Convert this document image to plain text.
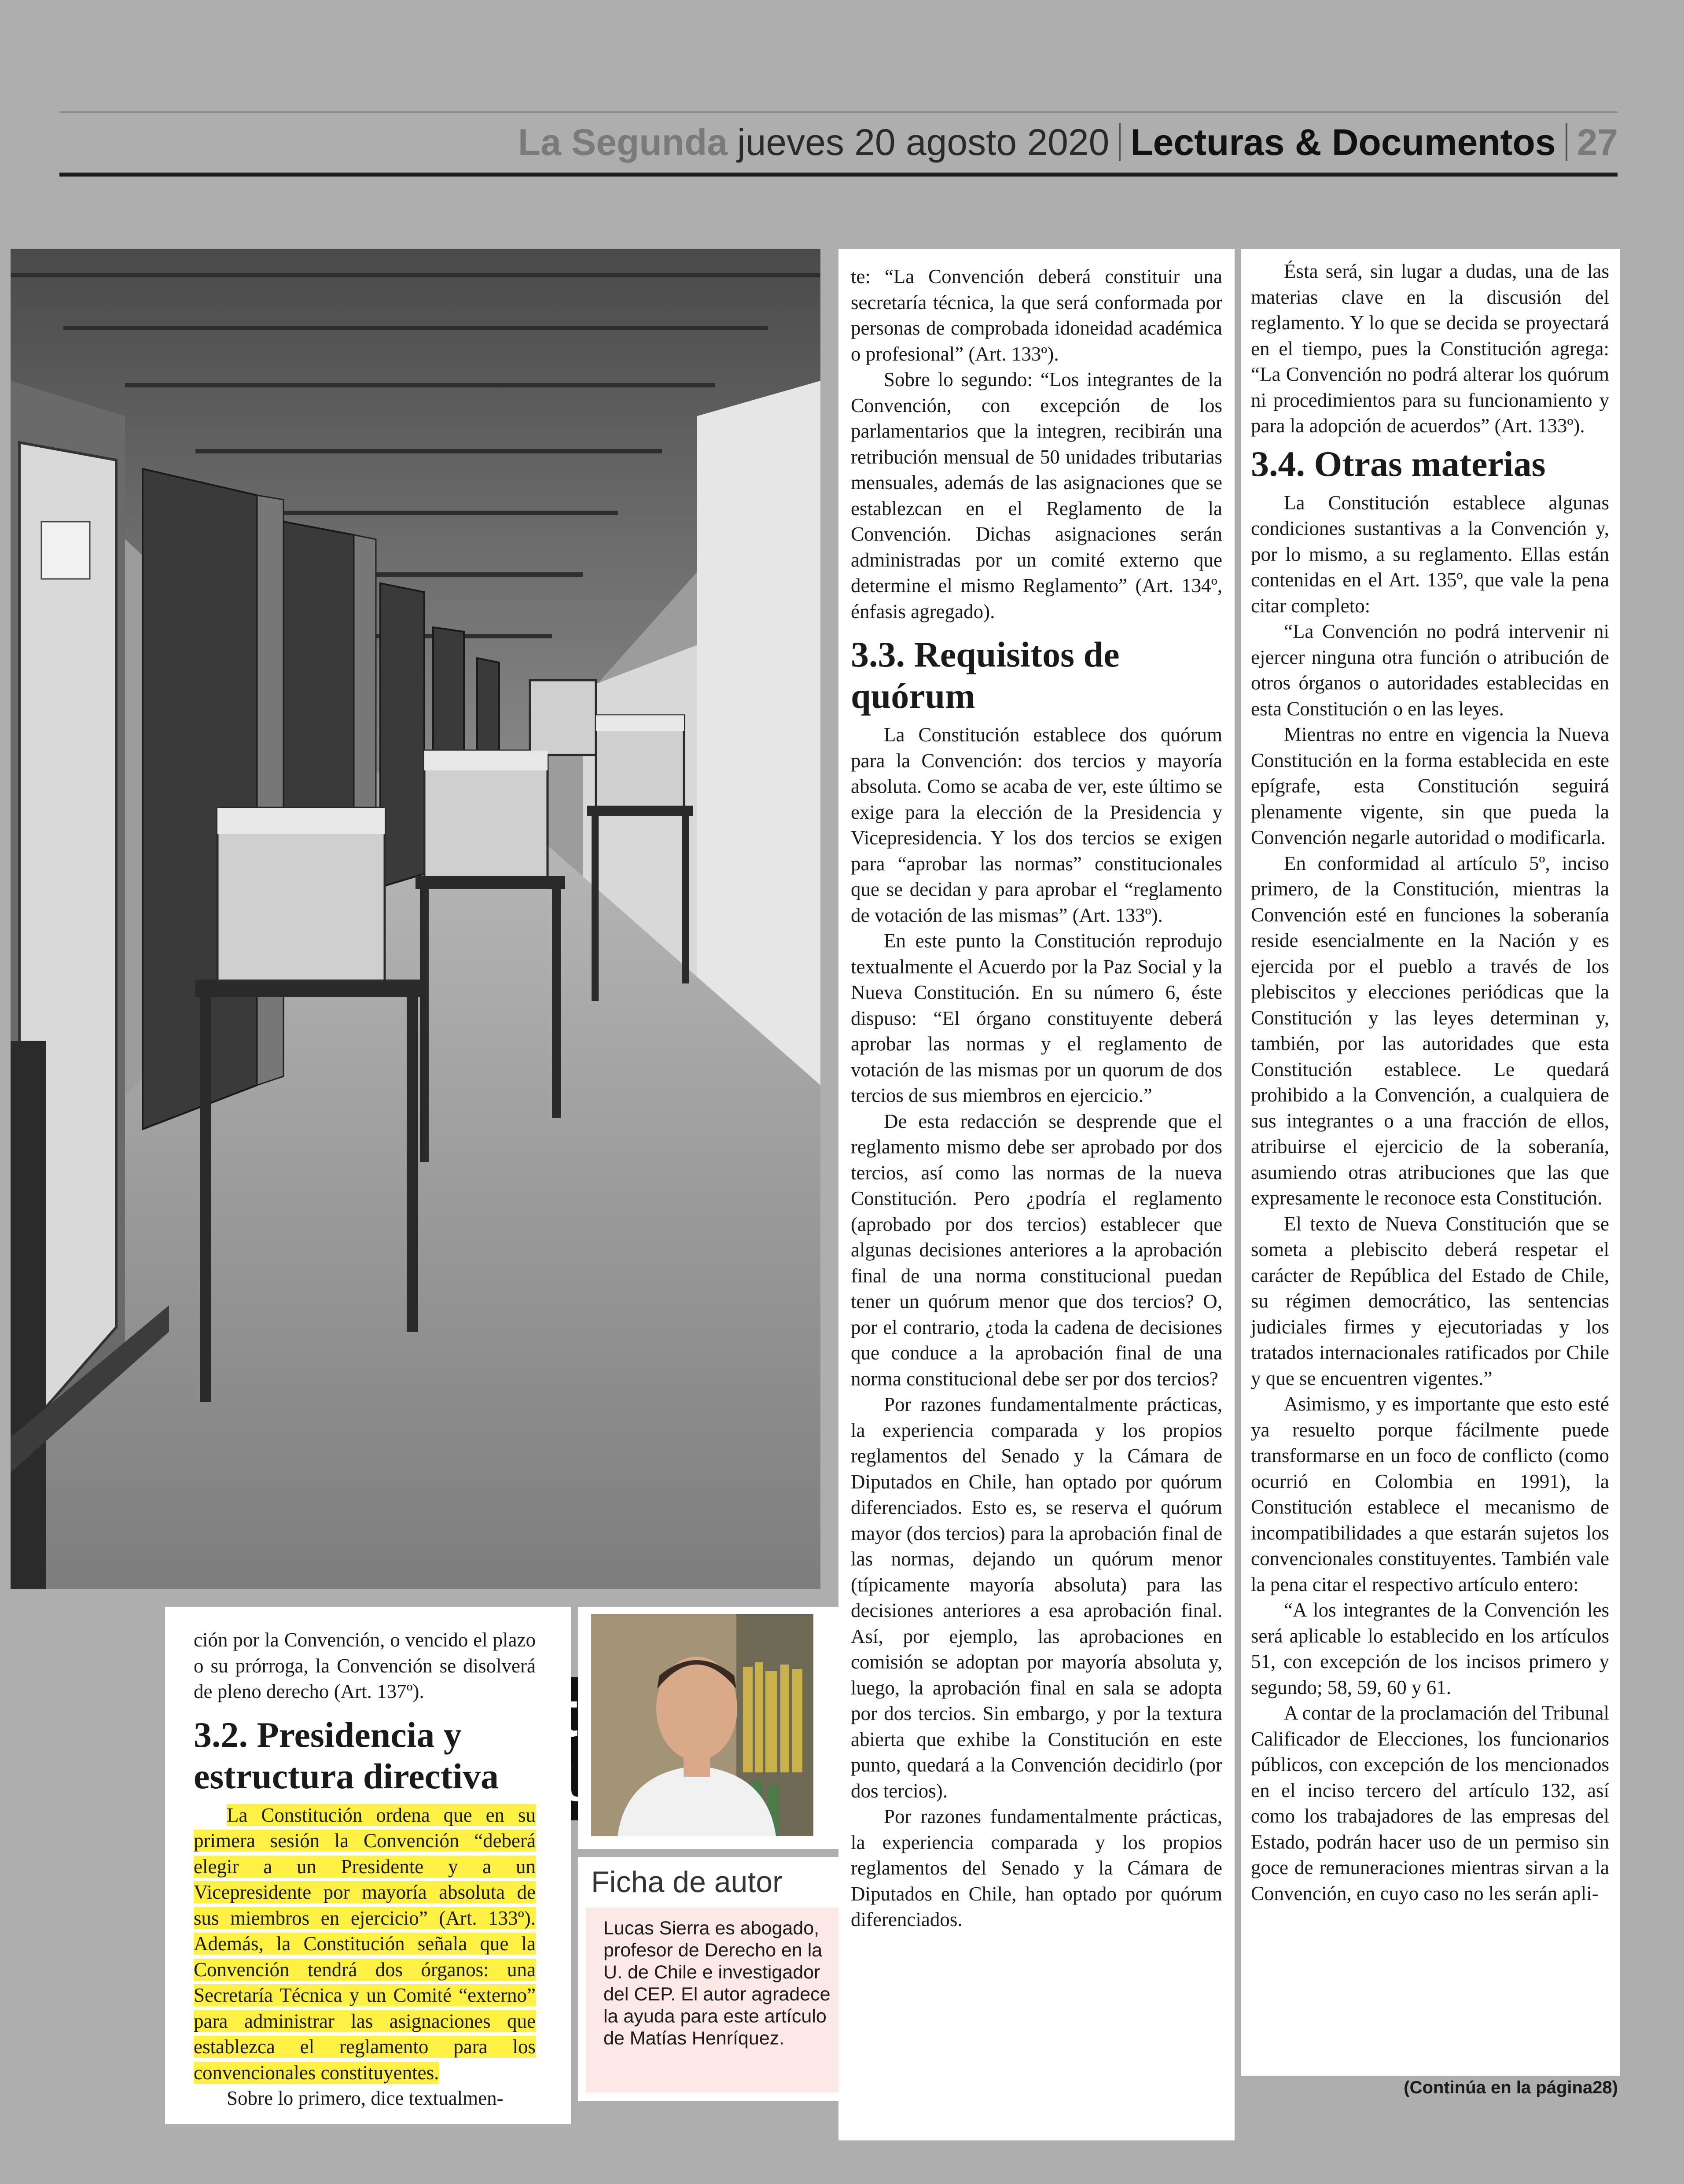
La Segunda jueves 20 agosto 2020 Lecturas & Documentos 27

ción por la Convención, o vencido el plazo o su prórroga, la Convención se disolverá de pleno derecho (Art. 137º).

3.2. Presidencia y estructura directiva

La Constitución ordena que en su primera sesión la Convención “deberá elegir a un Presidente y a un Vicepresidente por mayoría absoluta de sus miembros en ejercicio” (Art. 133º). Además, la Constitución señala que la Convención tendrá dos órganos: una Secretaría Técnica y un Comité “externo” para administrar las asignaciones que establezca el reglamento para los convencionales constituyentes.

Sobre lo primero, dice textualmen-

Ficha de autor
Lucas Sierra es abogado, profesor de Derecho en la U. de Chile e investigador del CEP. El autor agradece la ayuda para este artículo de Matías Henríquez.

te: “La Convención deberá constituir una secretaría técnica, la que será conformada por personas de comprobada idoneidad académica o profesional” (Art. 133º).

Sobre lo segundo: “Los integrantes de la Convención, con excepción de los parlamentarios que la integren, recibirán una retribución mensual de 50 unidades tributarias mensuales, además de las asignaciones que se establezcan en el Reglamento de la Convención. Dichas asignaciones serán administradas por un comité externo que determine el mismo Reglamento” (Art. 134º, énfasis agregado).

3.3. Requisitos de quórum

La Constitución establece dos quórum para la Convención: dos tercios y mayoría absoluta. Como se acaba de ver, este último se exige para la elección de la Presidencia y Vicepresidencia. Y los dos tercios se exigen para “aprobar las normas” constitucionales que se decidan y para aprobar el “reglamento de votación de las mismas” (Art. 133º).

En este punto la Constitución reprodujo textualmente el Acuerdo por la Paz Social y la Nueva Constitución. En su número 6, éste dispuso: “El órgano constituyente deberá aprobar las normas y el reglamento de votación de las mismas por un quorum de dos tercios de sus miembros en ejercicio.”

De esta redacción se desprende que el reglamento mismo debe ser aprobado por dos tercios, así como las normas de la nueva Constitución. Pero ¿podría el reglamento (aprobado por dos tercios) establecer que algunas decisiones anteriores a la aprobación final de una norma constitucional puedan tener un quórum menor que dos tercios? O, por el contrario, ¿toda la cadena de decisiones que conduce a la aprobación final de una norma constitucional debe ser por dos tercios?

Por razones fundamentalmente prácticas, la experiencia comparada y los propios reglamentos del Senado y la Cámara de Diputados en Chile, han optado por quórum diferenciados. Esto es, se reserva el quórum mayor (dos tercios) para la aprobación final de las normas, dejando un quórum menor (típicamente mayoría absoluta) para las decisiones anteriores a esa aprobación final. Así, por ejemplo, las aprobaciones en comisión se adoptan por mayoría absoluta y, luego, la aprobación final en sala se adopta por dos tercios. Sin embargo, y por la textura abierta que exhibe la Constitución en este punto, quedará a la Convención decidirlo (por dos tercios).

Por razones fundamentalmente prácticas, la experiencia comparada y los propios reglamentos del Senado y la Cámara de Diputados en Chile, han optado por quórum diferenciados.

Ésta será, sin lugar a dudas, una de las materias clave en la discusión del reglamento. Y lo que se decida se proyectará en el tiempo, pues la Constitución agrega: “La Convención no podrá alterar los quórum ni procedimientos para su funcionamiento y para la adopción de acuerdos” (Art. 133º).

3.4. Otras materias

La Constitución establece algunas condiciones sustantivas a la Convención y, por lo mismo, a su reglamento. Ellas están contenidas en el Art. 135º, que vale la pena citar completo:

“La Convención no podrá intervenir ni ejercer ninguna otra función o atribución de otros órganos o autoridades establecidas en esta Constitución o en las leyes.

Mientras no entre en vigencia la Nueva Constitución en la forma establecida en este epígrafe, esta Constitución seguirá plenamente vigente, sin que pueda la Convención negarle autoridad o modificarla.

En conformidad al artículo 5º, inciso primero, de la Constitución, mientras la Convención esté en funciones la soberanía reside esencialmente en la Nación y es ejercida por el pueblo a través de los plebiscitos y elecciones periódicas que la Constitución y las leyes determinan y, también, por las autoridades que esta Constitución establece. Le quedará prohibido a la Convención, a cualquiera de sus integrantes o a una fracción de ellos, atribuirse el ejercicio de la soberanía, asumiendo otras atribuciones que las que expresamente le reconoce esta Constitución.

El texto de Nueva Constitución que se someta a plebiscito deberá respetar el carácter de República del Estado de Chile, su régimen democrático, las sentencias judiciales firmes y ejecutoriadas y los tratados internacionales ratificados por Chile y que se encuentren vigentes.”

Asimismo, y es importante que esto esté ya resuelto porque fácilmente puede transformarse en un foco de conflicto (como ocurrió en Colombia en 1991), la Constitución establece el mecanismo de incompatibilidades a que estarán sujetos los convencionales constituyentes. También vale la pena citar el respectivo artículo entero:

“A los integrantes de la Convención les será aplicable lo establecido en los artículos 51, con excepción de los incisos primero y segundo; 58, 59, 60 y 61.

A contar de la proclamación del Tribunal Calificador de Elecciones, los funcionarios públicos, con excepción de los mencionados en el inciso tercero del artículo 132, así como los trabajadores de las empresas del Estado, podrán hacer uso de un permiso sin goce de remuneraciones mientras sirvan a la Convención, en cuyo caso no les serán apli-

(Continúa en la página28)
